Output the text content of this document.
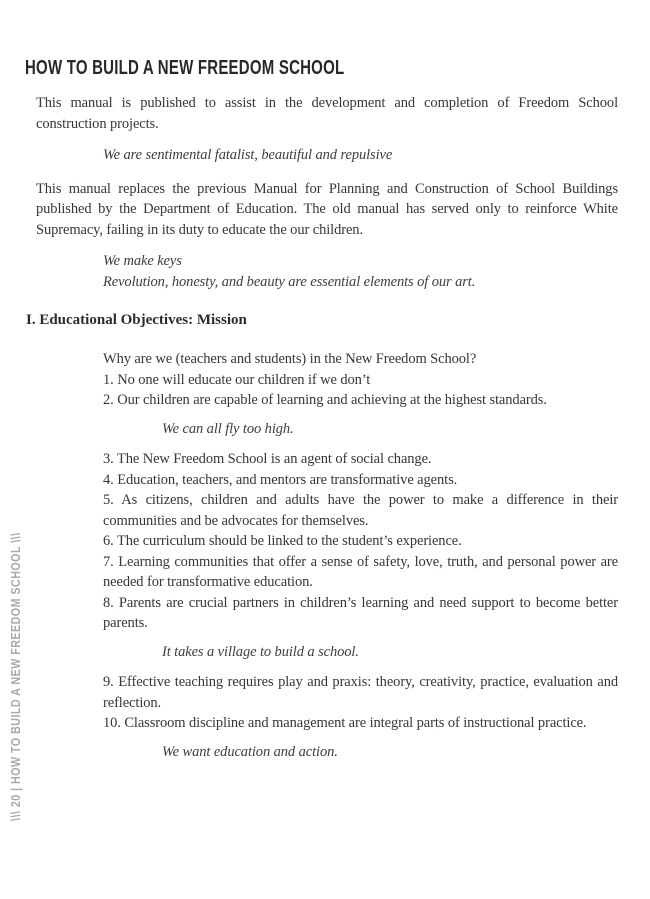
\\\ 20 | HOW TO BUILD A NEW FREEDOM SCHOOL \\\
HOW TO BUILD A NEW FREEDOM SCHOOL

This manual is published to assist in the development and completion of Freedom School construction projects.

We are sentimental fatalist, beautiful and repulsive

This manual replaces the previous Manual for Planning and Construction of School Buildings published by the Department of Education. The old manual has served only to reinforce White Supremacy, failing in its duty to educate the our children.

We make keys
Revolution, honesty, and beauty are essential elements of our art.
I. Educational Objectives: Mission

Why are we (teachers and students) in the New Freedom School?

1. No one will educate our children if we don’t
2. Our children are capable of learning and achieving at the highest standards.

We can all fly too high.

3. The New Freedom School is an agent of social change.
4. Education, teachers, and mentors are transformative agents.
5. As citizens, children and adults have the power to make a difference in their communities and be advocates for themselves.
6. The curriculum should be linked to the student’s experience.
7. Learning communities that offer a sense of safety, love, truth, and personal power are needed for transformative education.
8. Parents are crucial partners in children’s learning and need support to become better parents.

It takes a village to build a school.

9. Effective teaching requires play and praxis: theory, creativity, practice, evaluation and reflection.
10. Classroom discipline and management are integral parts of instructional practice.

We want education and action.
